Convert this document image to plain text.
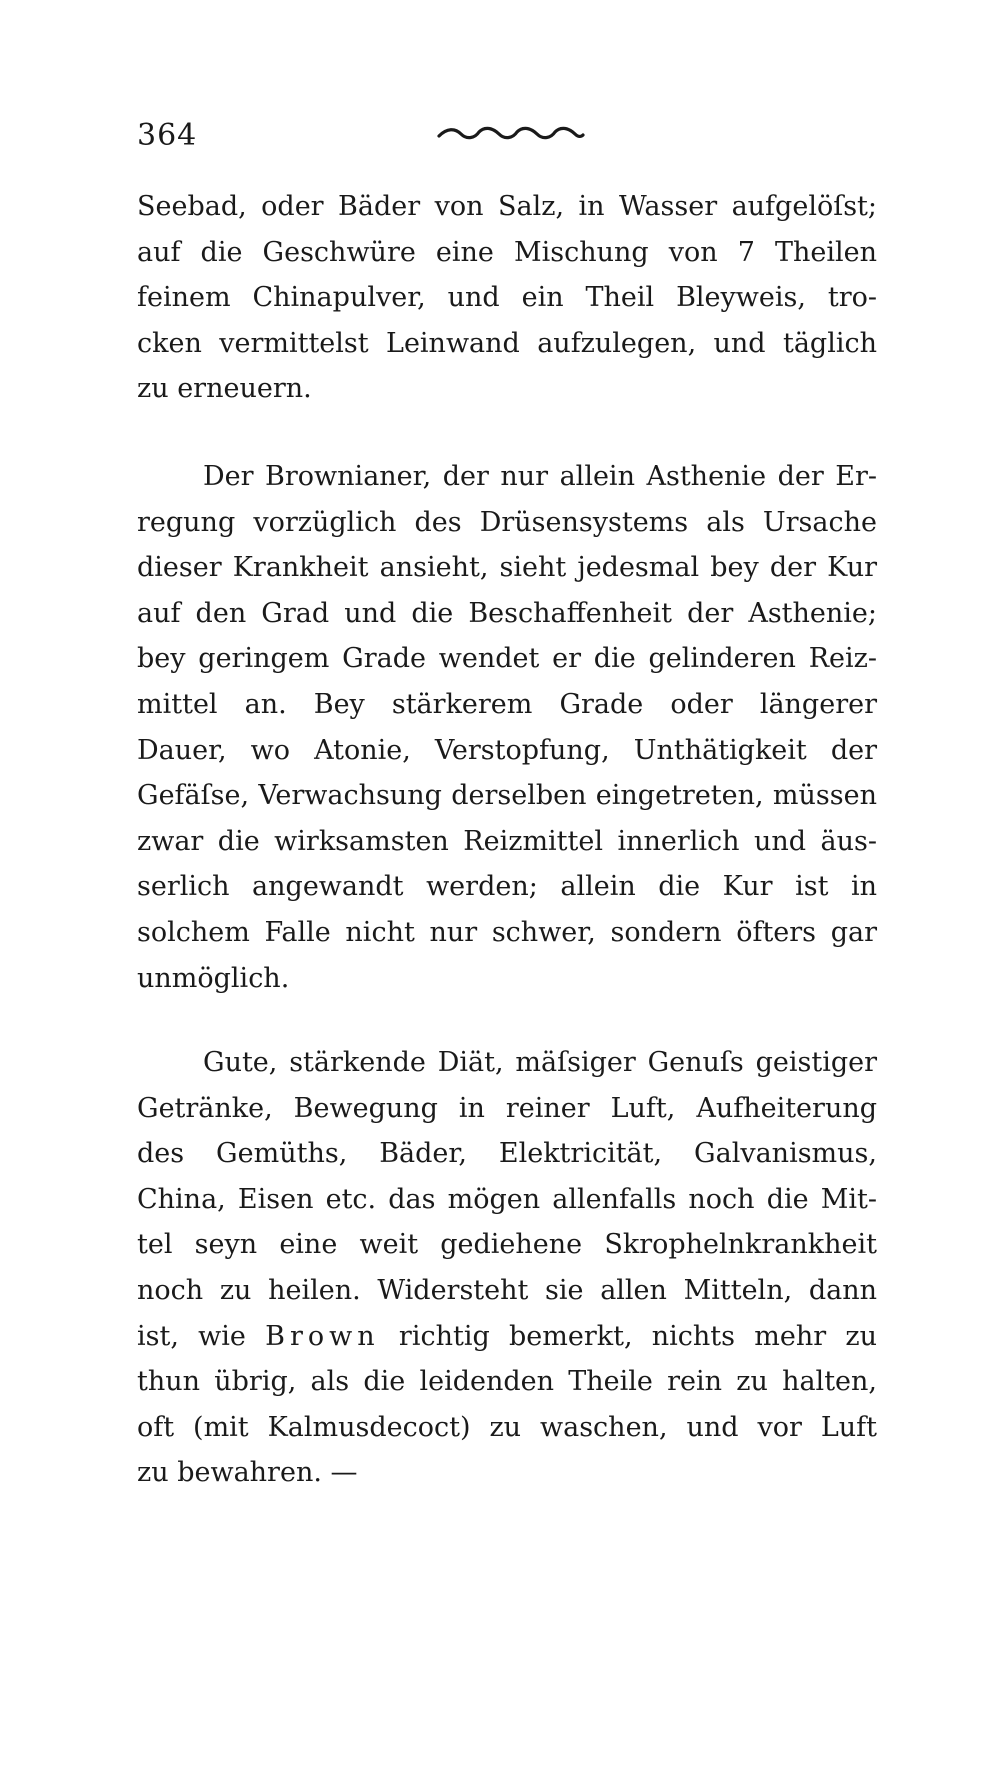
364
Seebad, oder Bäder von Salz, in Wasser aufgelöſst;
auf die Geschwüre eine Mischung von 7 Theilen
feinem Chinapulver, und ein Theil Bleyweis, tro-
cken vermittelst Leinwand aufzulegen, und täglich
zu erneuern.
Der Brownianer, der nur allein Asthenie der Er-
regung vorzüglich des Drüsensystems als Ursache
dieser Krankheit ansieht, sieht jedesmal bey der Kur
auf den Grad und die Beschaffenheit der Asthenie;
bey geringem Grade wendet er die gelinderen Reiz-
mittel an. Bey stärkerem Grade oder längerer
Dauer, wo Atonie, Verstopfung, Unthätigkeit der
Gefäſse, Verwachsung derselben eingetreten, müssen
zwar die wirksamsten Reizmittel innerlich und äus-
serlich angewandt werden; allein die Kur ist in
solchem Falle nicht nur schwer, sondern öfters gar
unmöglich.
Gute, stärkende Diät, mäſsiger Genuſs geistiger
Getränke, Bewegung in reiner Luft, Aufheiterung
des Gemüths, Bäder, Elektricität, Galvanismus,
China, Eisen etc. das mögen allenfalls noch die Mit-
tel seyn eine weit gediehene Skrophelnkrankheit
noch zu heilen. Widersteht sie allen Mitteln, dann
ist, wie Brown richtig bemerkt, nichts mehr zu
thun übrig, als die leidenden Theile rein zu halten,
oft (mit Kalmusdecoct) zu waschen, und vor Luft
zu bewahren. —
